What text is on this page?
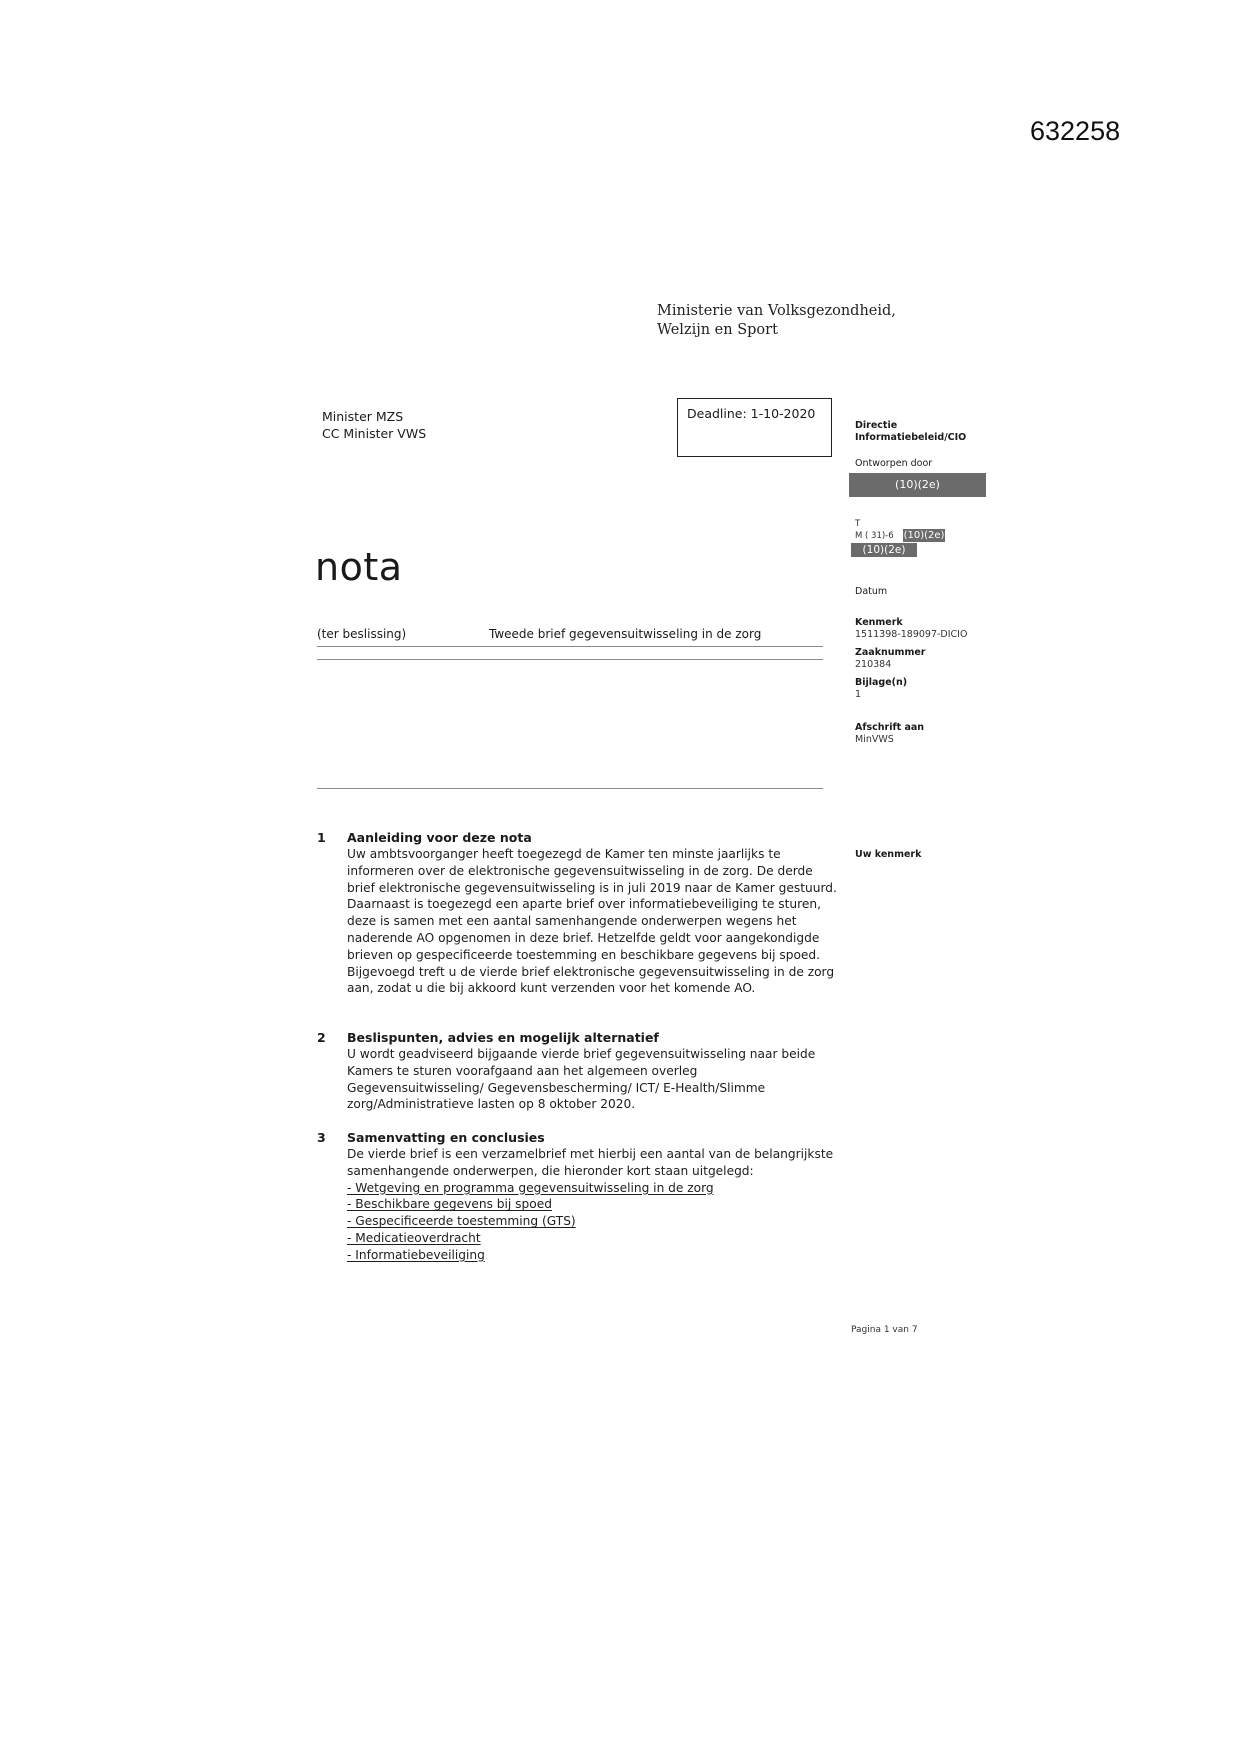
632258
Ministerie van Volksgezondheid,
Welzijn en Sport
Minister MZS
CC Minister VWS
Deadline: 1-10-2020
nota
(ter beslissing)	Tweede brief gegevensuitwisseling in de zorg
Directie
Informatiebeleid/CIO
Ontworpen door
(10)(2e)
T
M ( 31)-6 (10)(2e)
(10)(2e)
Datum
Kenmerk
1511398-189097-DICIO
Zaaknummer
210384
Bijlage(n)
1
Afschrift aan
MinVWS
Uw kenmerk
1 Aanleiding voor deze nota

Uw ambtsvoorganger heeft toegezegd de Kamer ten minste jaarlijks te informeren over de elektronische gegevensuitwisseling in de zorg. De derde brief elektronische gegevensuitwisseling is in juli 2019 naar de Kamer gestuurd. Daarnaast is toegezegd een aparte brief over informatiebeveiliging te sturen, deze is samen met een aantal samenhangende onderwerpen wegens het naderende AO opgenomen in deze brief. Hetzelfde geldt voor aangekondigde brieven op gespecificeerde toestemming en beschikbare gegevens bij spoed. Bijgevoegd treft u de vierde brief elektronische gegevensuitwisseling in de zorg aan, zodat u die bij akkoord kunt verzenden voor het komende AO.

2 Beslispunten, advies en mogelijk alternatief

U wordt geadviseerd bijgaande vierde brief gegevensuitwisseling naar beide Kamers te sturen voorafgaand aan het algemeen overleg Gegevensuitwisseling/ Gegevensbescherming/ ICT/ E-Health/Slimme zorg/Administratieve lasten op 8 oktober 2020.

3 Samenvatting en conclusies

De vierde brief is een verzamelbrief met hierbij een aantal van de belangrijkste samenhangende onderwerpen, die hieronder kort staan uitgelegd:

- Wetgeving en programma gegevensuitwisseling in de zorg
- Beschikbare gegevens bij spoed
- Gespecificeerde toestemming (GTS)
- Medicatieoverdracht
- Informatiebeveiliging
Pagina 1 van 7
